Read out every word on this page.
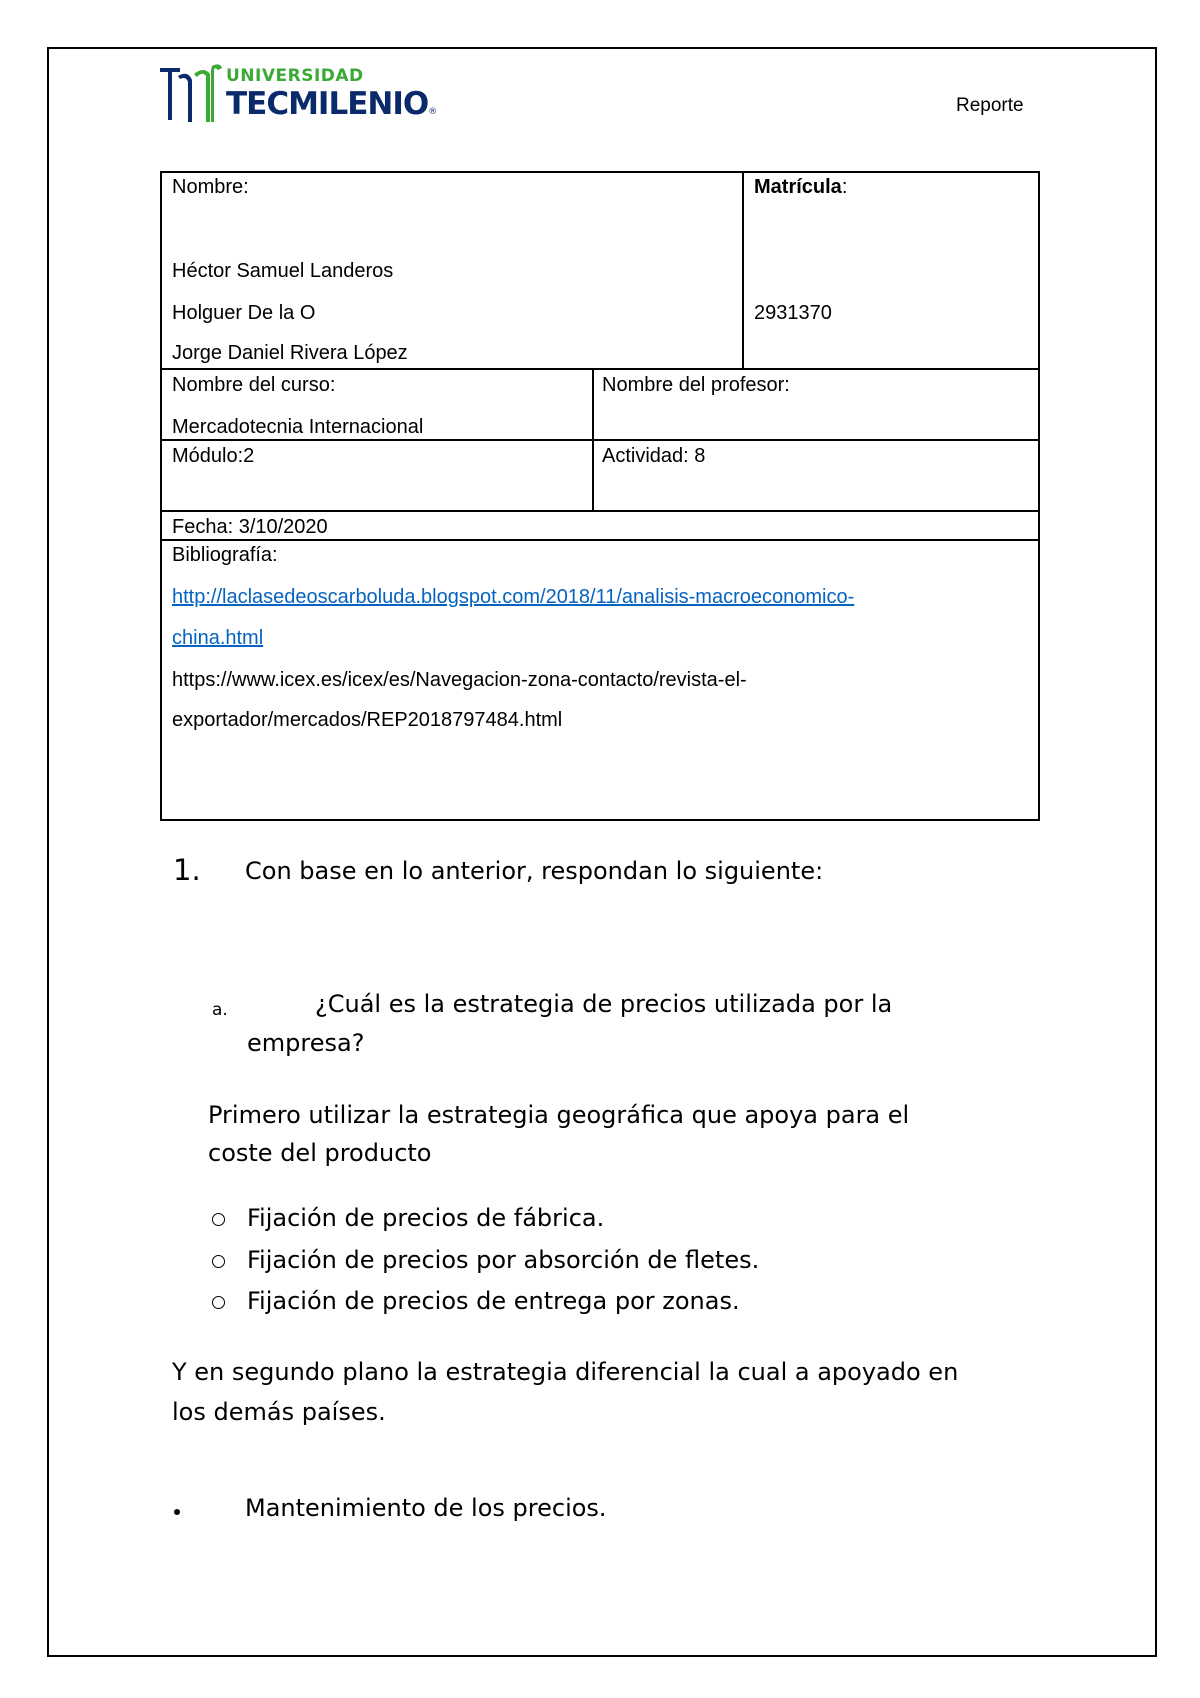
UNIVERSIDAD
TECMILENIO®	Reporte
Nombre:
Héctor Samuel Landeros
Holguer De la O
Jorge Daniel Rivera López
Matrícula:
2931370
Nombre del curso:
Mercadotecnia Internacional
Nombre del profesor:
Módulo:2	Actividad: 8
Fecha: 3/10/2020
Bibliografía:
http://laclasedeoscarboluda.blogspot.com/2018/11/analisis-macroeconomico-
china.html
https://www.icex.es/icex/es/Navegacion-zona-contacto/revista-el-
exportador/mercados/REP2018797484.html
1. Con base en lo anterior, respondan lo siguiente:
a.	¿Cuál es la estrategia de precios utilizada por la
empresa?
Primero utilizar la estrategia geográfica que apoya para el
coste del producto
Fijación de precios de fábrica.
Fijación de precios por absorción de fletes.
Fijación de precios de entrega por zonas.
Y en segundo plano la estrategia diferencial la cual a apoyado en
los demás países.
Mantenimiento de los precios.
